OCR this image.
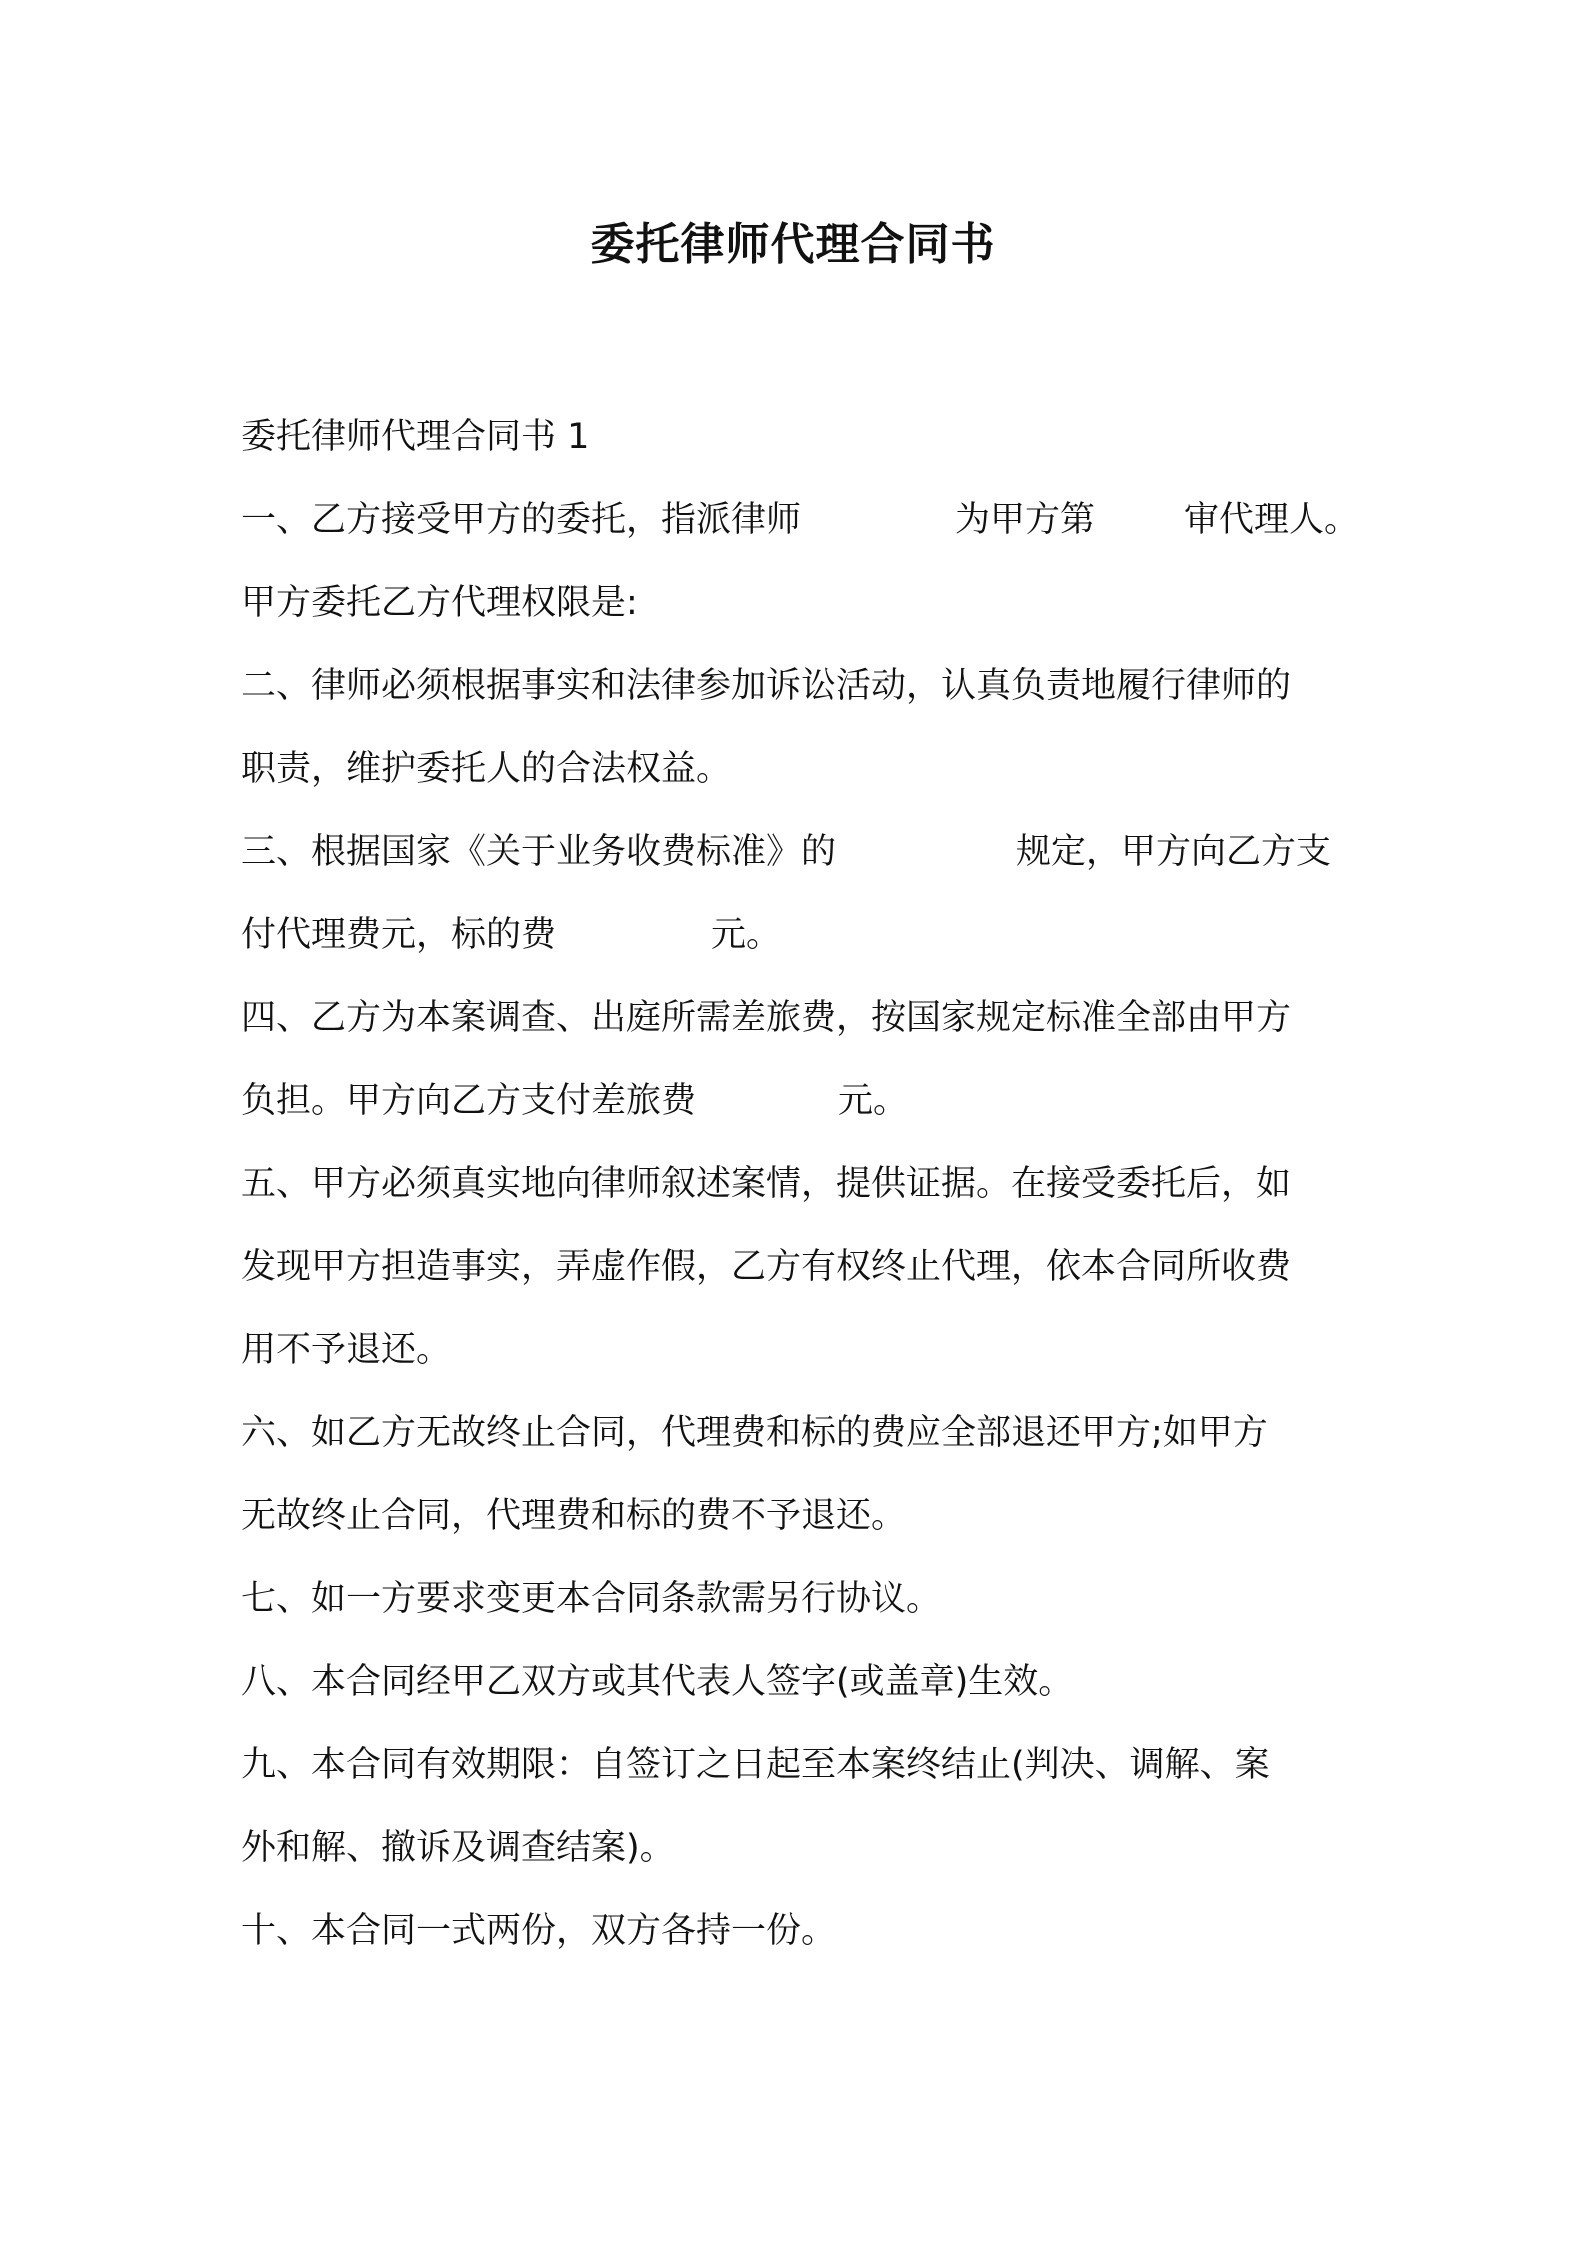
委托律师代理合同书
委托律师代理合同书 1
一、乙方接受甲方的委托，指派律师	为甲方第	审代理人。
甲方委托乙方代理权限是:
二、律师必须根据事实和法律参加诉讼活动，认真负责地履行律师的
职责，维护委托人的合法权益。
三、根据国家《关于业务收费标准》的	规定，甲方向乙方支
付代理费元，标的费	元。
四、乙方为本案调查、出庭所需差旅费，按国家规定标准全部由甲方
负担。甲方向乙方支付差旅费	元。
五、甲方必须真实地向律师叙述案情，提供证据。在接受委托后，如
发现甲方担造事实，弄虚作假，乙方有权终止代理，依本合同所收费
用不予退还。
六、如乙方无故终止合同，代理费和标的费应全部退还甲方;如甲方
无故终止合同，代理费和标的费不予退还。
七、如一方要求变更本合同条款需另行协议。
八、本合同经甲乙双方或其代表人签字(或盖章)生效。
九、本合同有效期限：自签订之日起至本案终结止(判决、调解、案
外和解、撤诉及调查结案)。
十、本合同一式两份，双方各持一份。
